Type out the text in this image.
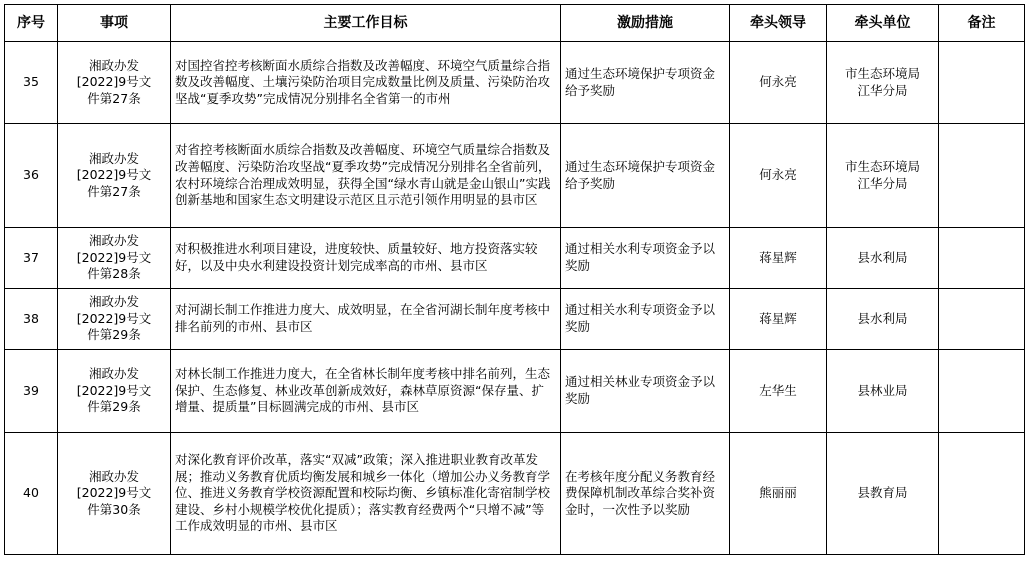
序号	事项	主要工作目标	激励措施	牵头领导	牵头单位	备注
35	湘政办发
[2022]9号文
件第27条	对国控省控考核断面水质综合指数及改善幅度、环境空气质量综合指数及改善幅度、土壤污染防治项目完成数量比例及质量、污染防治攻坚战“夏季攻势”完成情况分别排名全省第一的市州	通过生态环境保护专项资金给予奖励	何永亮	市生态环境局
江华分局	
36	湘政办发
[2022]9号文
件第27条	对省控考核断面水质综合指数及改善幅度、环境空气质量综合指数及改善幅度、污染防治攻坚战“夏季攻势”完成情况分别排名全省前列，农村环境综合治理成效明显，获得全国“绿水青山就是金山银山”实践创新基地和国家生态文明建设示范区且示范引领作用明显的县市区	通过生态环境保护专项资金给予奖励	何永亮	市生态环境局
江华分局	
37	湘政办发
[2022]9号文
件第28条	对积极推进水利项目建设，进度较快、质量较好、地方投资落实较好，以及中央水利建设投资计划完成率高的市州、县市区	通过相关水利专项资金予以奖励	蒋星辉	县水利局	
38	湘政办发
[2022]9号文
件第29条	对河湖长制工作推进力度大、成效明显，在全省河湖长制年度考核中排名前列的市州、县市区	通过相关水利专项资金予以奖励	蒋星辉	县水利局	
39	湘政办发
[2022]9号文
件第29条	对林长制工作推进力度大，在全省林长制年度考核中排名前列，生态保护、生态修复、林业改革创新成效好，森林草原资源“保存量、扩增量、提质量”目标圆满完成的市州、县市区	通过相关林业专项资金予以奖励	左华生	县林业局	
40	湘政办发
[2022]9号文
件第30条	对深化教育评价改革，落实“双减”政策；深入推进职业教育改革发展；推动义务教育优质均衡发展和城乡一体化（增加公办义务教育学位、推进义务教育学校资源配置和校际均衡、乡镇标准化寄宿制学校建设、乡村小规模学校优化提质）；落实教育经费两个“只增不减”等工作成效明显的市州、县市区	在考核年度分配义务教育经费保障机制改革综合奖补资金时，一次性予以奖励	熊丽丽	县教育局	
